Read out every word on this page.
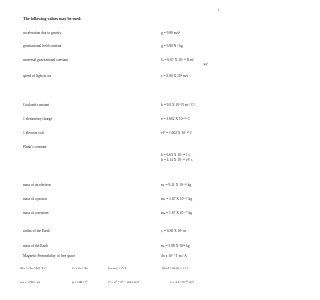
1
The following values may be used:
acceleration due to gravity	g = 9.80 m/s²
gravitational field constant	g = 9.80 N / kg
universal gravitational constant	G = 6.67 X 10⁻¹¹ N m²
/kg²
speed of light in air	c = 3.00 X 10⁸ m/s
Coulomb constant	k = 9.0 X 10⁹ N m² / C²
1 elementary charge	e = 1.602 X 10⁻¹⁹ C
1 electron volt	eV = 1.602 X 10⁻¹⁹ J
Plank’s constant
h = 6.63 X 10⁻³⁴ J s
h = 4.14 X 10⁻¹⁵ eV s
mass of an electron	mₑ = 9.11 X 10⁻³¹ kg
mass of a proton	mₚ = 1.67 X 10⁻²⁷ kg
mass of a neutron	mₙ = 1.67 X 10⁻²⁷ kg
radius of the Earth	rₑ = 6.38 X 10⁶ m
mass of the Earth	mₑ = 5.98 X 10²⁴ kg
Magnetic Permeability of free space	4π x 10⁻⁷ T m / A
ΔLₛ = (Lₚ / Δn) · Lₛ²	vₛ = Lₚ / Δn	fᵢₙₜₑₙₛᵢₜy = I / Iₒ	(sin θ / sin ψ) = v / c
vₚₕ = √(Tm / ρ)	g = GM / r²	c² = a² + b² − 2ab cos θ	λ = 4.1×10⁻³⁶ cm²
